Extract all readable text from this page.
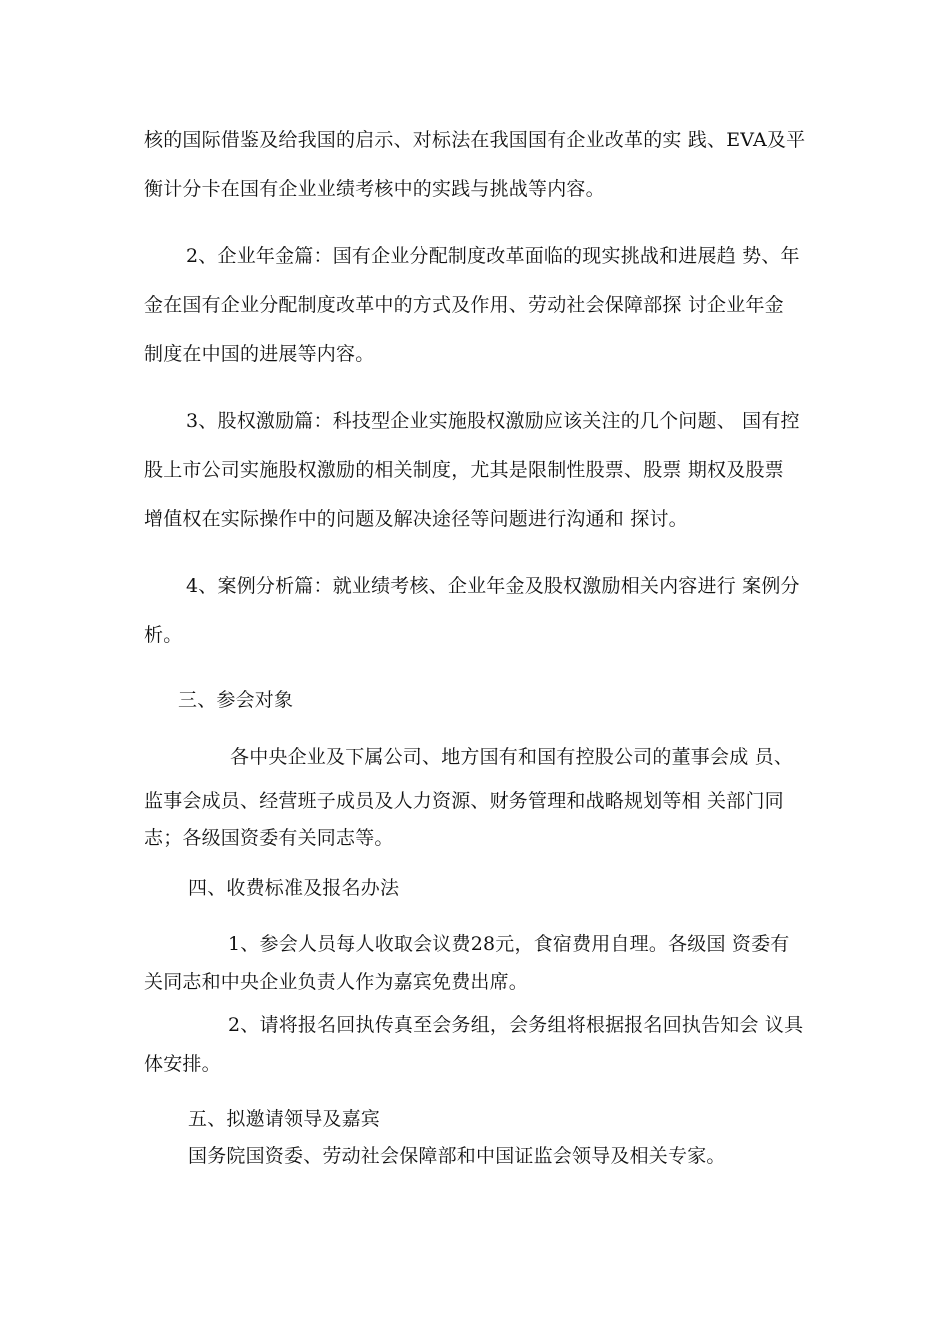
核的国际借鉴及给我国的启示、对标法在我国国有企业改革的实 践、EVA及平
衡计分卡在国有企业业绩考核中的实践与挑战等内容。
2、企业年金篇：国有企业分配制度改革面临的现实挑战和进展趋 势、年
金在国有企业分配制度改革中的方式及作用、劳动社会保障部探 讨企业年金
制度在中国的进展等内容。
3、股权激励篇：科技型企业实施股权激励应该关注的几个问题、 国有控
股上市公司实施股权激励的相关制度，尤其是限制性股票、股票 期权及股票
增值权在实际操作中的问题及解决途径等问题进行沟通和 探讨。
4、案例分析篇：就业绩考核、企业年金及股权激励相关内容进行 案例分
析。
三、参会对象
各中央企业及下属公司、地方国有和国有控股公司的董事会成 员、
监事会成员、经营班子成员及人力资源、财务管理和战略规划等相 关部门同
志；各级国资委有关同志等。
四、收费标准及报名办法
1、参会人员每人收取会议费28元，食宿费用自理。各级国 资委有
关同志和中央企业负责人作为嘉宾免费出席。
2、请将报名回执传真至会务组，会务组将根据报名回执告知会 议具
体安排。
五、拟邀请领导及嘉宾
国务院国资委、劳动社会保障部和中国证监会领导及相关专家。
